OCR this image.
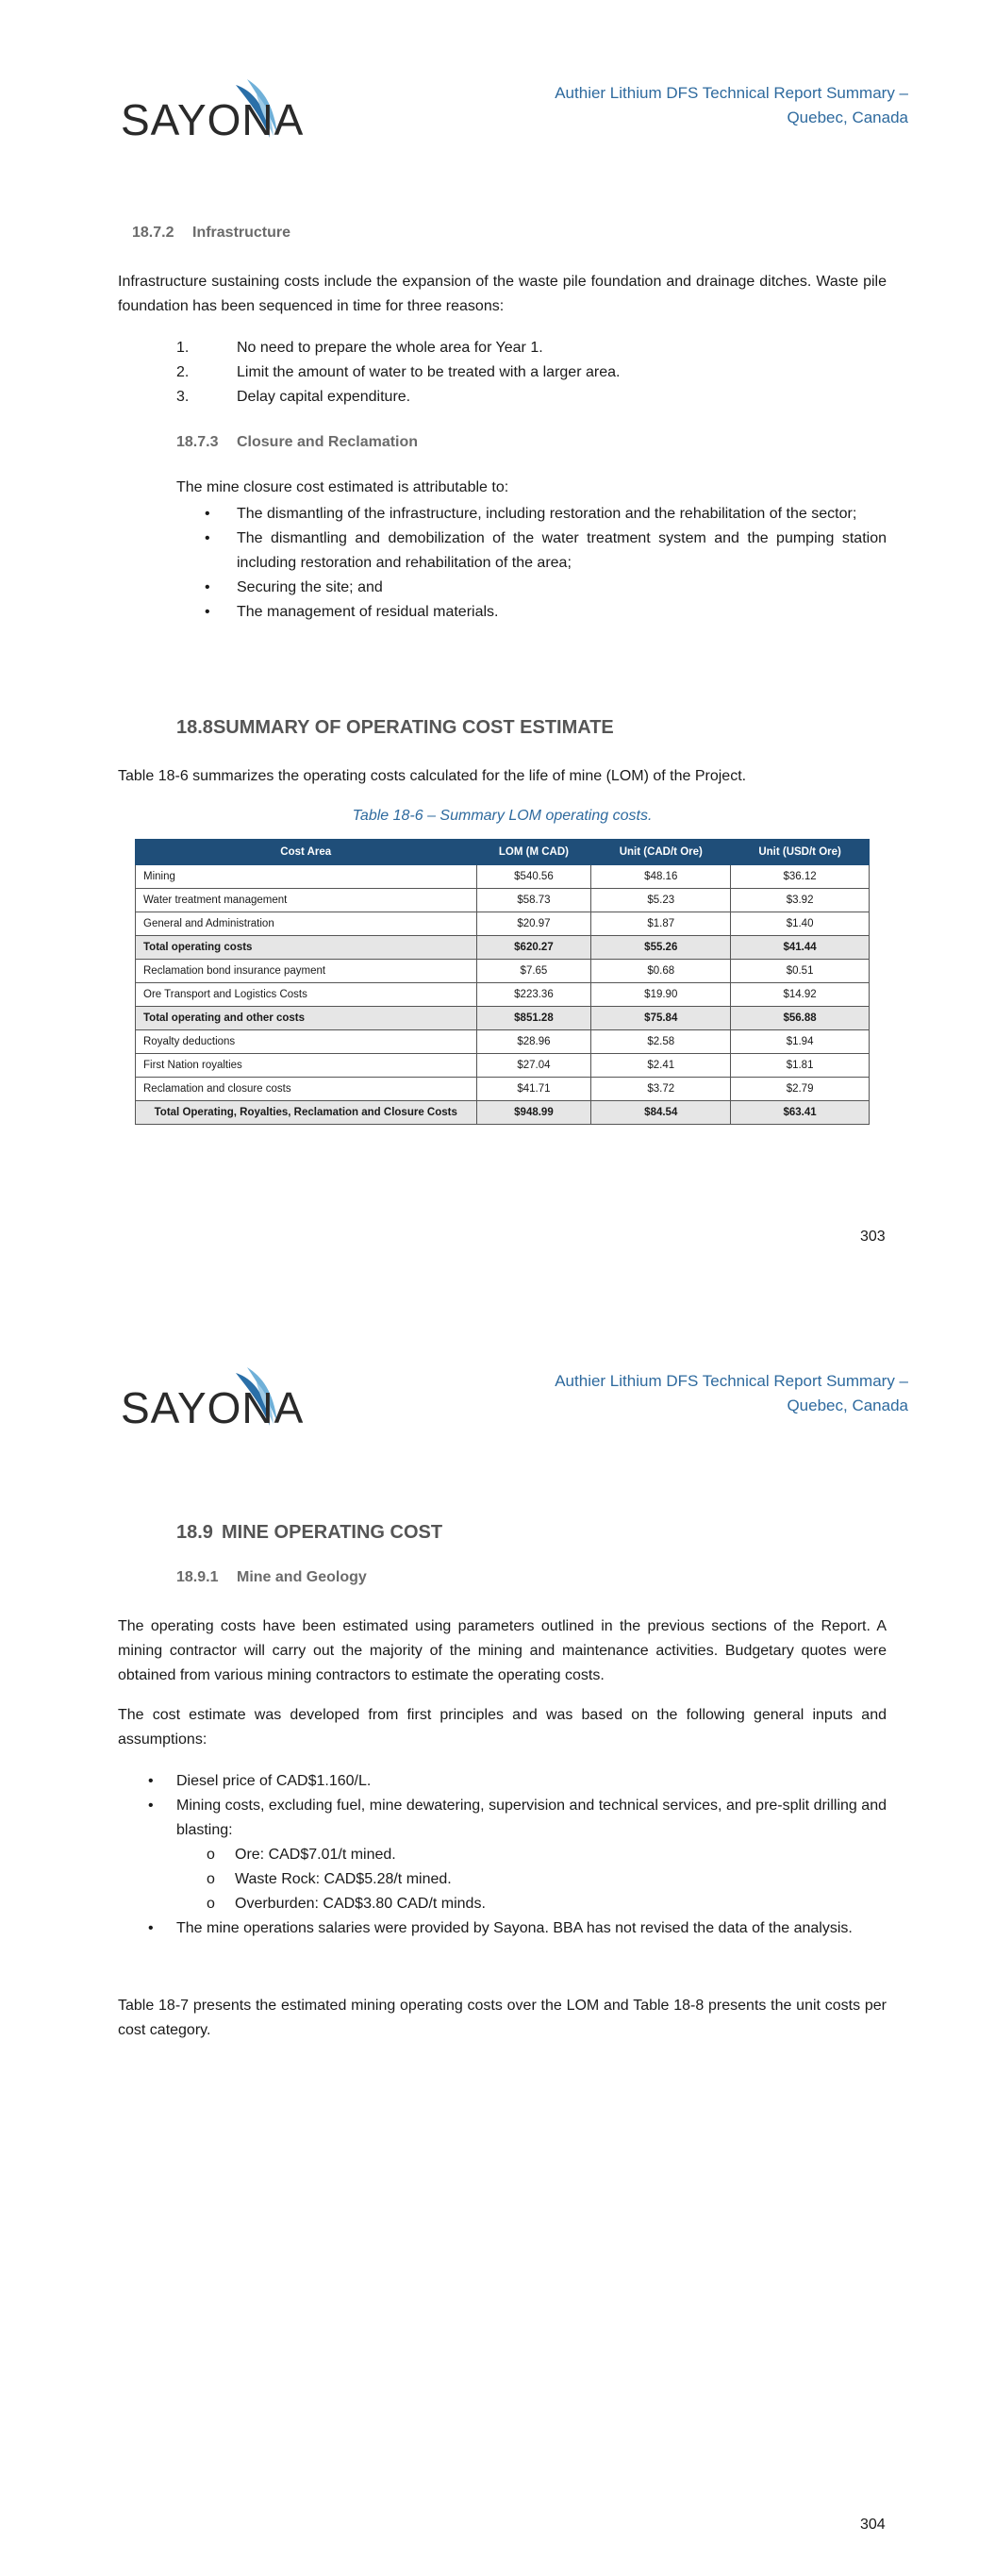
SAYONA
Authier Lithium DFS Technical Report Summary –
Quebec, Canada
18.7.2 Infrastructure
Infrastructure sustaining costs include the expansion of the waste pile foundation and drainage ditches. Waste pile foundation has been sequenced in time for three reasons:
1.	No need to prepare the whole area for Year 1.
2.	Limit the amount of water to be treated with a larger area.
3.	Delay capital expenditure.
18.7.3 Closure and Reclamation
The mine closure cost estimated is attributable to:
• The dismantling of the infrastructure, including restoration and the rehabilitation of the sector;
• The dismantling and demobilization of the water treatment system and the pumping station including restoration and rehabilitation of the area;
• Securing the site; and
• The management of residual materials.
18.8SUMMARY OF OPERATING COST ESTIMATE
Table 18-6 summarizes the operating costs calculated for the life of mine (LOM) of the Project.
Table 18-6 – Summary LOM operating costs.
Cost Area	LOM (M CAD)	Unit (CAD/t Ore)	Unit (USD/t Ore)
Mining	$540.56	$48.16	$36.12
Water treatment management	$58.73	$5.23	$3.92
General and Administration	$20.97	$1.87	$1.40
Total operating costs	$620.27	$55.26	$41.44
Reclamation bond insurance payment	$7.65	$0.68	$0.51
Ore Transport and Logistics Costs	$223.36	$19.90	$14.92
Total operating and other costs	$851.28	$75.84	$56.88
Royalty deductions	$28.96	$2.58	$1.94
First Nation royalties	$27.04	$2.41	$1.81
Reclamation and closure costs	$41.71	$3.72	$2.79
Total Operating, Royalties, Reclamation and Closure Costs	$948.99	$84.54	$63.41
303
SAYONA
Authier Lithium DFS Technical Report Summary –
Quebec, Canada
18.9 MINE OPERATING COST
18.9.1 Mine and Geology
The operating costs have been estimated using parameters outlined in the previous sections of the Report. A mining contractor will carry out the majority of the mining and maintenance activities. Budgetary quotes were obtained from various mining contractors to estimate the operating costs.
The cost estimate was developed from first principles and was based on the following general inputs and assumptions:
• Diesel price of CAD$1.160/L.
• Mining costs, excluding fuel, mine dewatering, supervision and technical services, and pre-split drilling and blasting:
o Ore: CAD$7.01/t mined.
o Waste Rock: CAD$5.28/t mined.
o Overburden: CAD$3.80 CAD/t minds.
• The mine operations salaries were provided by Sayona. BBA has not revised the data of the analysis.
Table 18-7 presents the estimated mining operating costs over the LOM and Table 18-8 presents the unit costs per cost category.
304
